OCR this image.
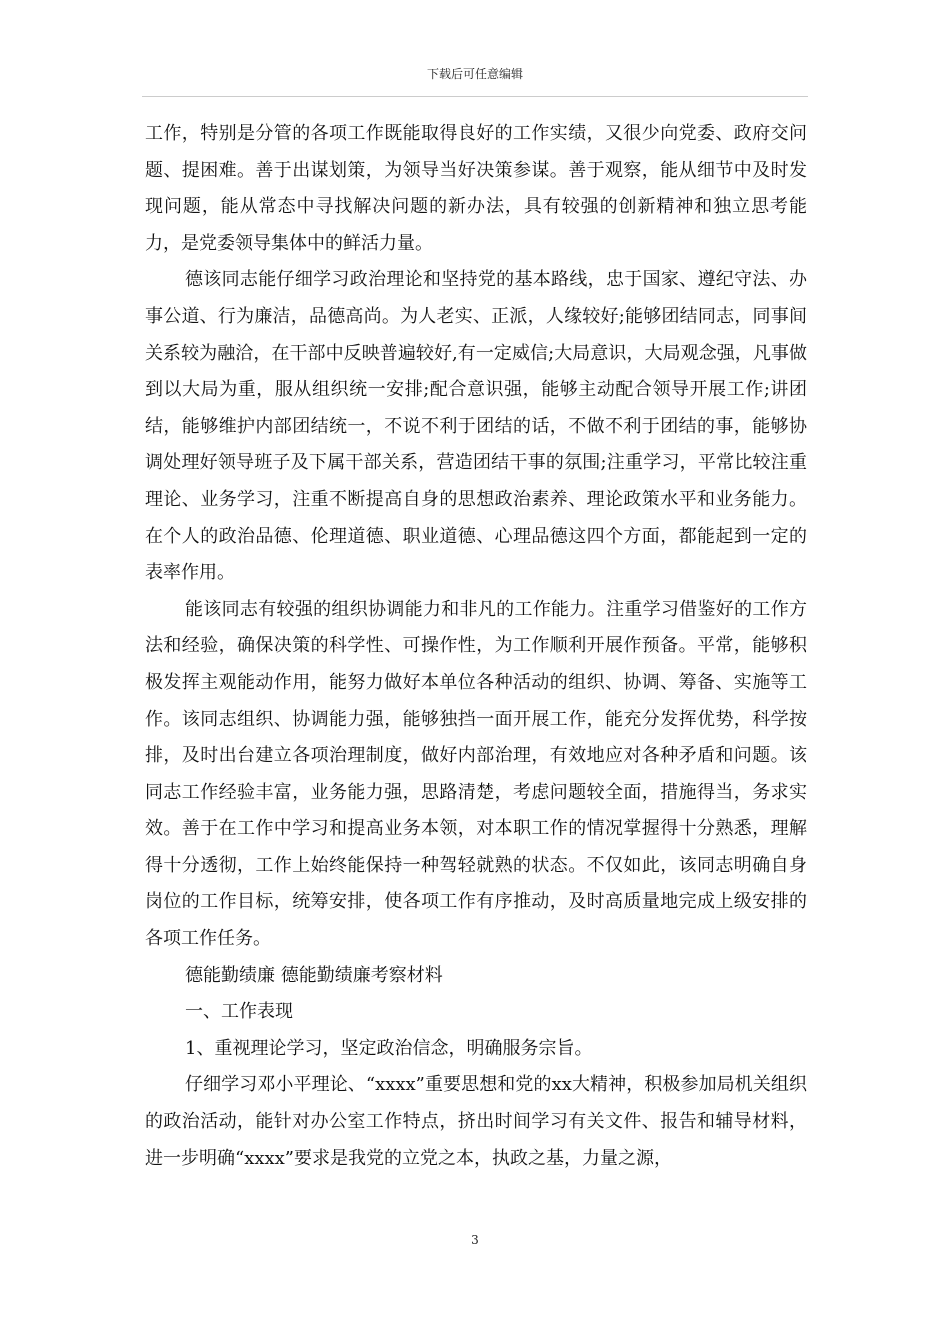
下载后可任意编辑

工作，特别是分管的各项工作既能取得良好的工作实绩，又很少向党委、政府交问题、提困难。善于出谋划策，为领导当好决策参谋。善于观察，能从细节中及时发现问题，能从常态中寻找解决问题的新办法，具有较强的创新精神和独立思考能力，是党委领导集体中的鲜活力量。

德该同志能仔细学习政治理论和坚持党的基本路线，忠于国家、遵纪守法、办事公道、行为廉洁，品德高尚。为人老实、正派，人缘较好;能够团结同志，同事间关系较为融洽，在干部中反映普遍较好,有一定威信;大局意识，大局观念强，凡事做到以大局为重，服从组织统一安排;配合意识强，能够主动配合领导开展工作;讲团结，能够维护内部团结统一，不说不利于团结的话，不做不利于团结的事，能够协调处理好领导班子及下属干部关系，营造团结干事的氛围;注重学习，平常比较注重理论、业务学习，注重不断提高自身的思想政治素养、理论政策水平和业务能力。在个人的政治品德、伦理道德、职业道德、心理品德这四个方面，都能起到一定的表率作用。

能该同志有较强的组织协调能力和非凡的工作能力。注重学习借鉴好的工作方法和经验，确保决策的科学性、可操作性，为工作顺利开展作预备。平常，能够积极发挥主观能动作用，能努力做好本单位各种活动的组织、协调、筹备、实施等工作。该同志组织、协调能力强，能够独挡一面开展工作，能充分发挥优势，科学按排，及时出台建立各项治理制度，做好内部治理，有效地应对各种矛盾和问题。该同志工作经验丰富，业务能力强，思路清楚，考虑问题较全面，措施得当，务求实效。善于在工作中学习和提高业务本领，对本职工作的情况掌握得十分熟悉，理解得十分透彻，工作上始终能保持一种驾轻就熟的状态。不仅如此，该同志明确自身岗位的工作目标，统筹安排，使各项工作有序推动，及时高质量地完成上级安排的各项工作任务。

德能勤绩廉 德能勤绩廉考察材料

一、工作表现

1、重视理论学习，坚定政治信念，明确服务宗旨。

仔细学习邓小平理论、“xxxx”重要思想和党的xx大精神，积极参加局机关组织的政治活动，能针对办公室工作特点，挤出时间学习有关文件、报告和辅导材料，进一步明确“xxxx”要求是我党的立党之本，执政之基，力量之源，

3
